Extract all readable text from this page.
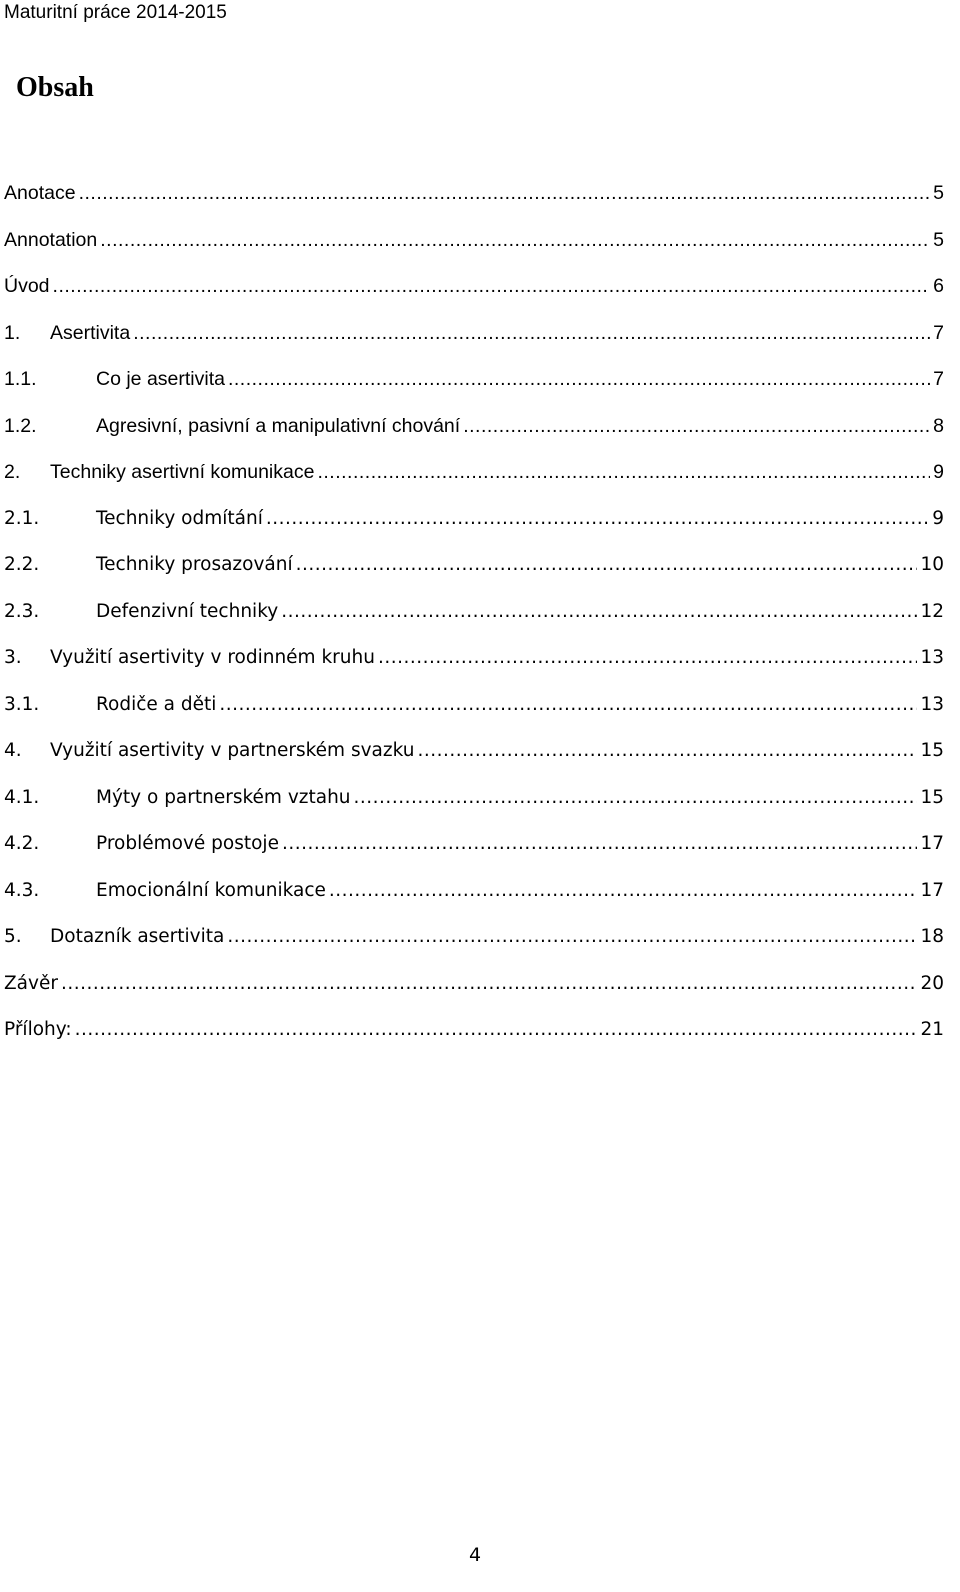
Maturitní práce 2014-2015
Obsah
Anotace .....	5
Annotation .....	5
Úvod .....	6
1.	Asertivita .....	7
1.1.	Co je asertivita .....	7
1.2.	Agresivní, pasivní a manipulativní chování .....	8
2.	Techniky asertivní komunikace .....	9
2.1.	Techniky odmítání .....	9
2.2.	Techniky prosazování .....	10
2.3.	Defenzivní techniky .....	12
3.	Využití asertivity v rodinném kruhu .....	13
3.1.	Rodiče a děti .....	13
4.	Využití asertivity v partnerském svazku .....	15
4.1.	Mýty o partnerském vztahu .....	15
4.2.	Problémové postoje .....	17
4.3.	Emocionální komunikace .....	17
5.	Dotazník asertivita .....	18
Závěr .....	20
Přílohy: .....	21
4
